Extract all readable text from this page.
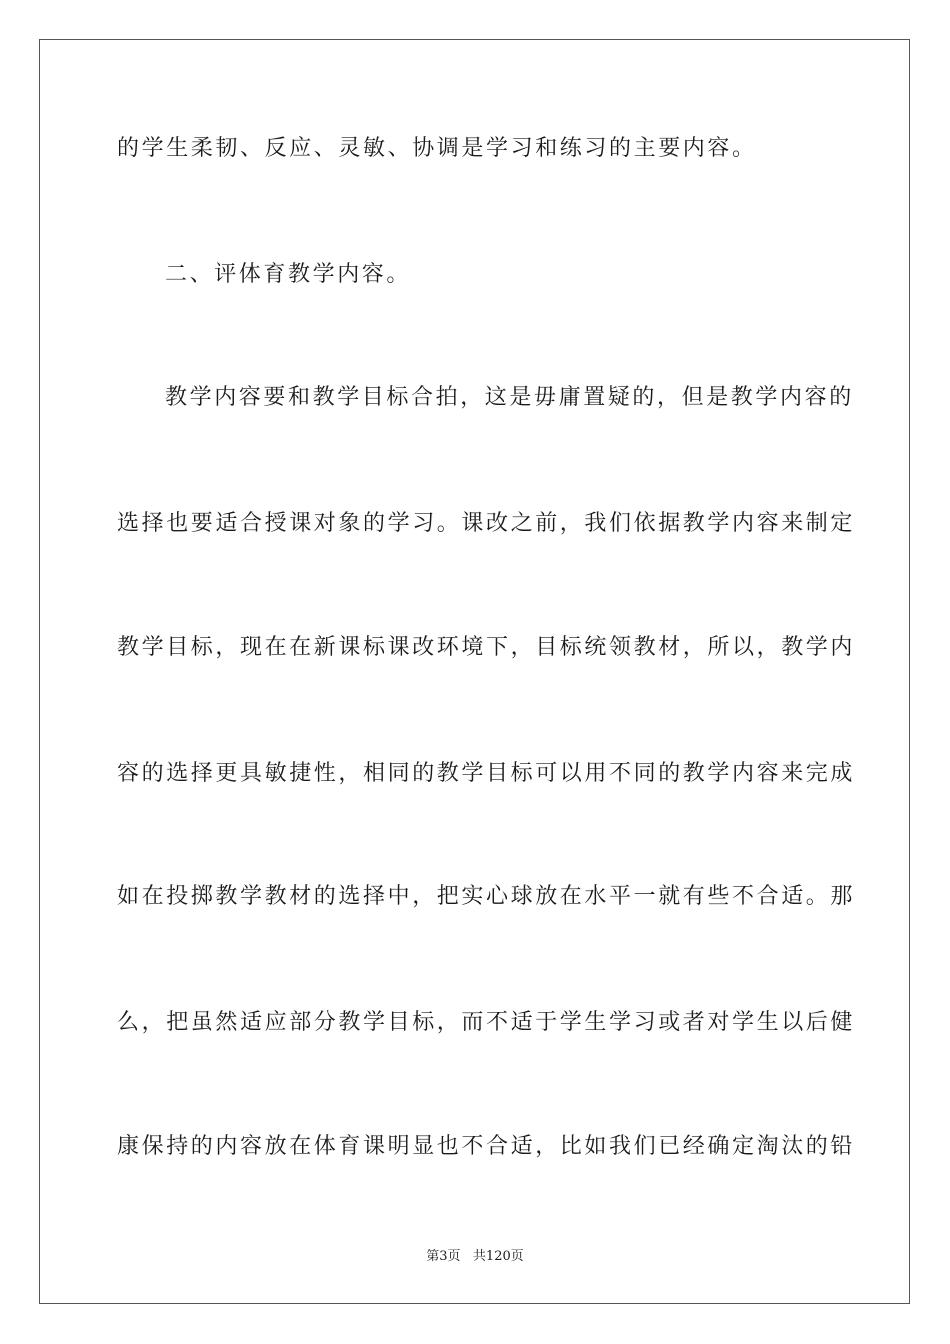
的学生柔韧、反应、灵敏、协调是学习和练习的主要内容。
二、评体育教学内容。
教学内容要和教学目标合拍，这是毋庸置疑的，但是教学内容的
选择也要适合授课对象的学习。课改之前，我们依据教学内容来制定
教学目标，现在在新课标课改环境下，目标统领教材，所以，教学内
容的选择更具敏捷性，相同的教学目标可以用不同的教学内容来完成
如在投掷教学教材的选择中，把实心球放在水平一就有些不合适。那
么，把虽然适应部分教学目标，而不适于学生学习或者对学生以后健
康保持的内容放在体育课明显也不合适，比如我们已经确定淘汰的铅
第3页   共120页
